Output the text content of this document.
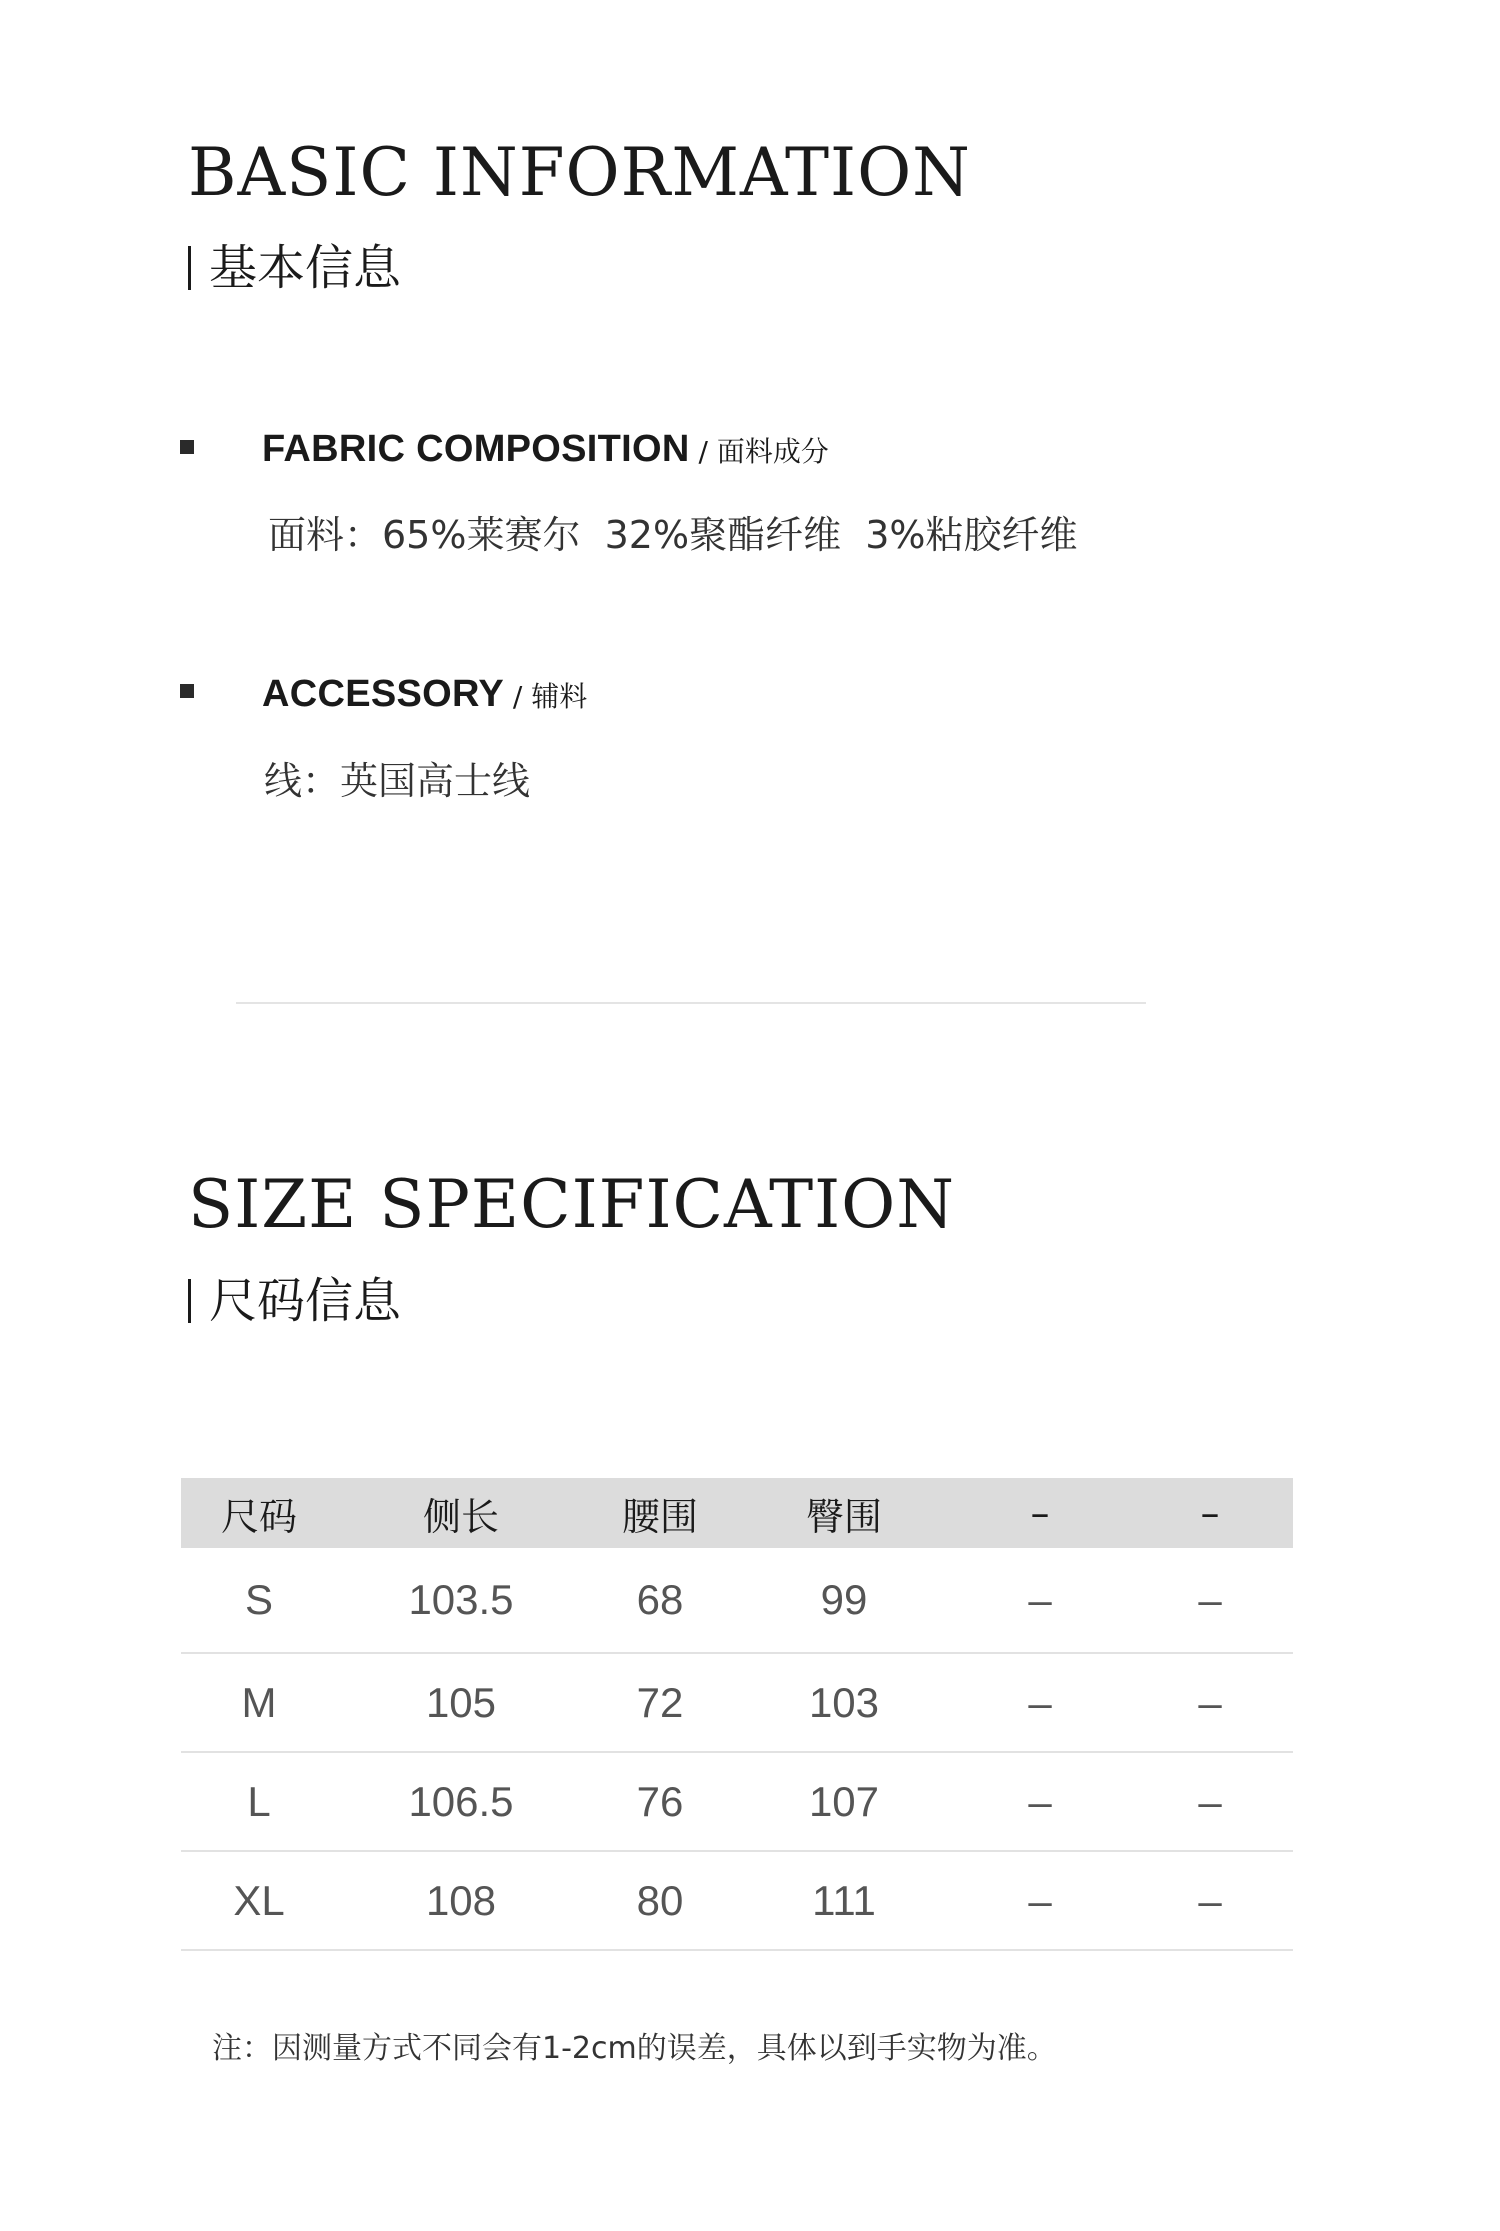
BASIC INFORMATION
基本信息
FABRIC COMPOSITION / 面料成分
面料：65%莱赛尔  32%聚酯纤维  3%粘胶纤维
ACCESSORY / 辅料
线：英国高士线
SIZE SPECIFICATION
尺码信息
尺码	侧长	腰围	臀围	–	–
S	103.5	68	99	–	–
M	105	72	103	–	–
L	106.5	76	107	–	–
XL	108	80	111	–	–
注：因测量方式不同会有1-2cm的误差，具体以到手实物为准。
